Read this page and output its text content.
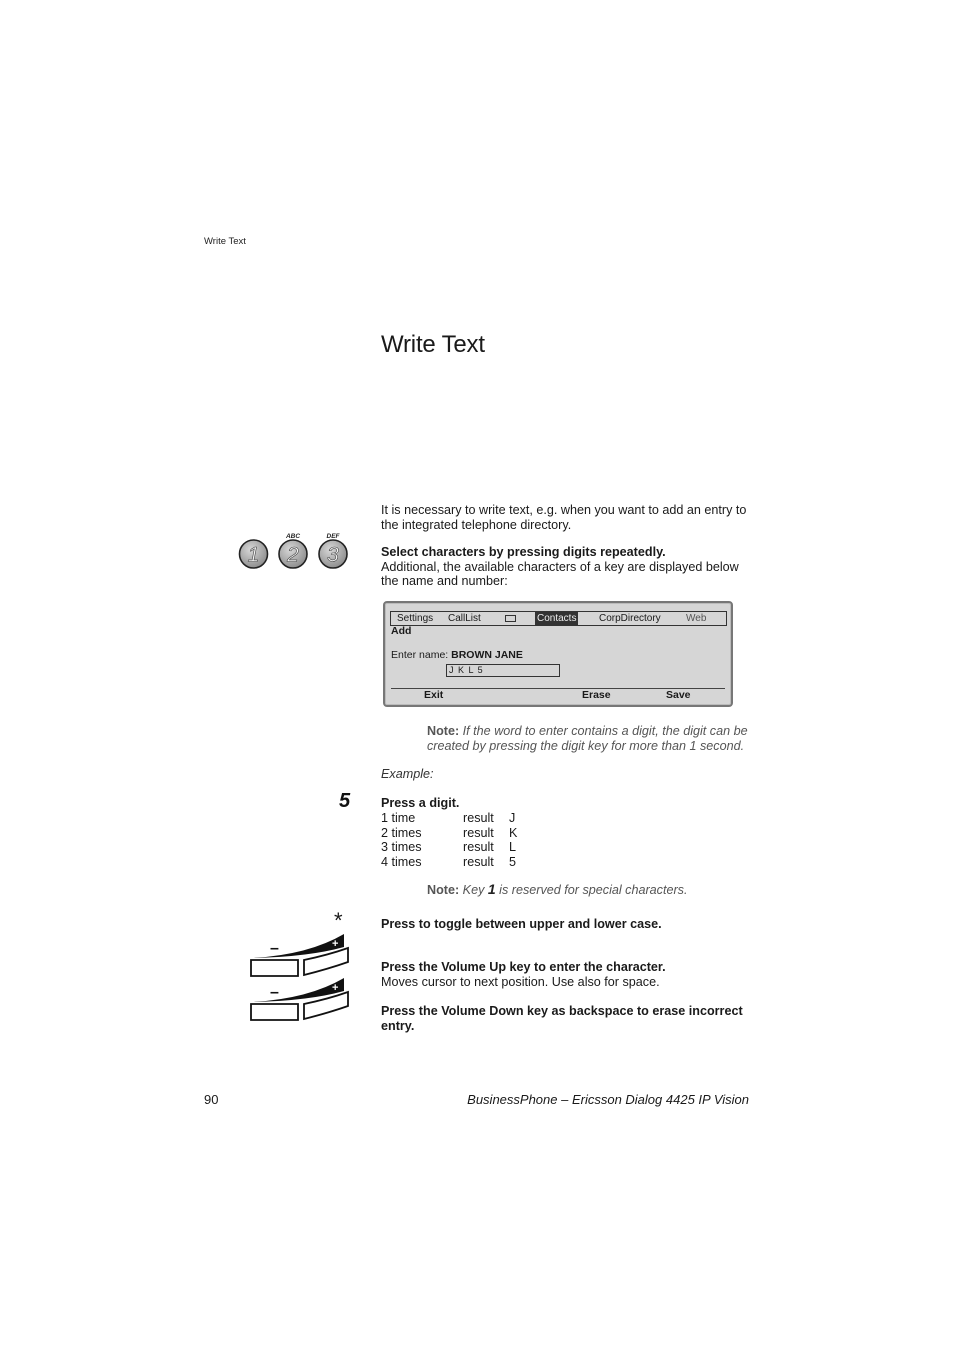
Write Text
Write Text
It is necessary to write text, e.g. when you want to add an entry to the integrated telephone directory.
1
ABC
2
DEF
3	Select characters by pressing digits repeatedly.
Additional, the available characters of a key are displayed below the name and number:
Settings CallList	Contacts CorpDirectory	Web
Add
Enter name: BROWN JANE
J K L 5
Exit	Erase	Save
Note: If the word to enter contains a digit, the digit can be created by pressing the digit key for more than 1 second.
Example:
5 Press a digit.
1 time	result J
2 times	result K
3 times	result L
4 times	result 5
Note: Key 1 is reserved for special characters.
*	Press to toggle between upper and lower case.
–	+
Press the Volume Up key to enter the character.
Moves cursor to next position. Use also for space.
–	+
Press the Volume Down key as backspace to erase incorrect entry.
90	BusinessPhone – Ericsson Dialog 4425 IP Vision
